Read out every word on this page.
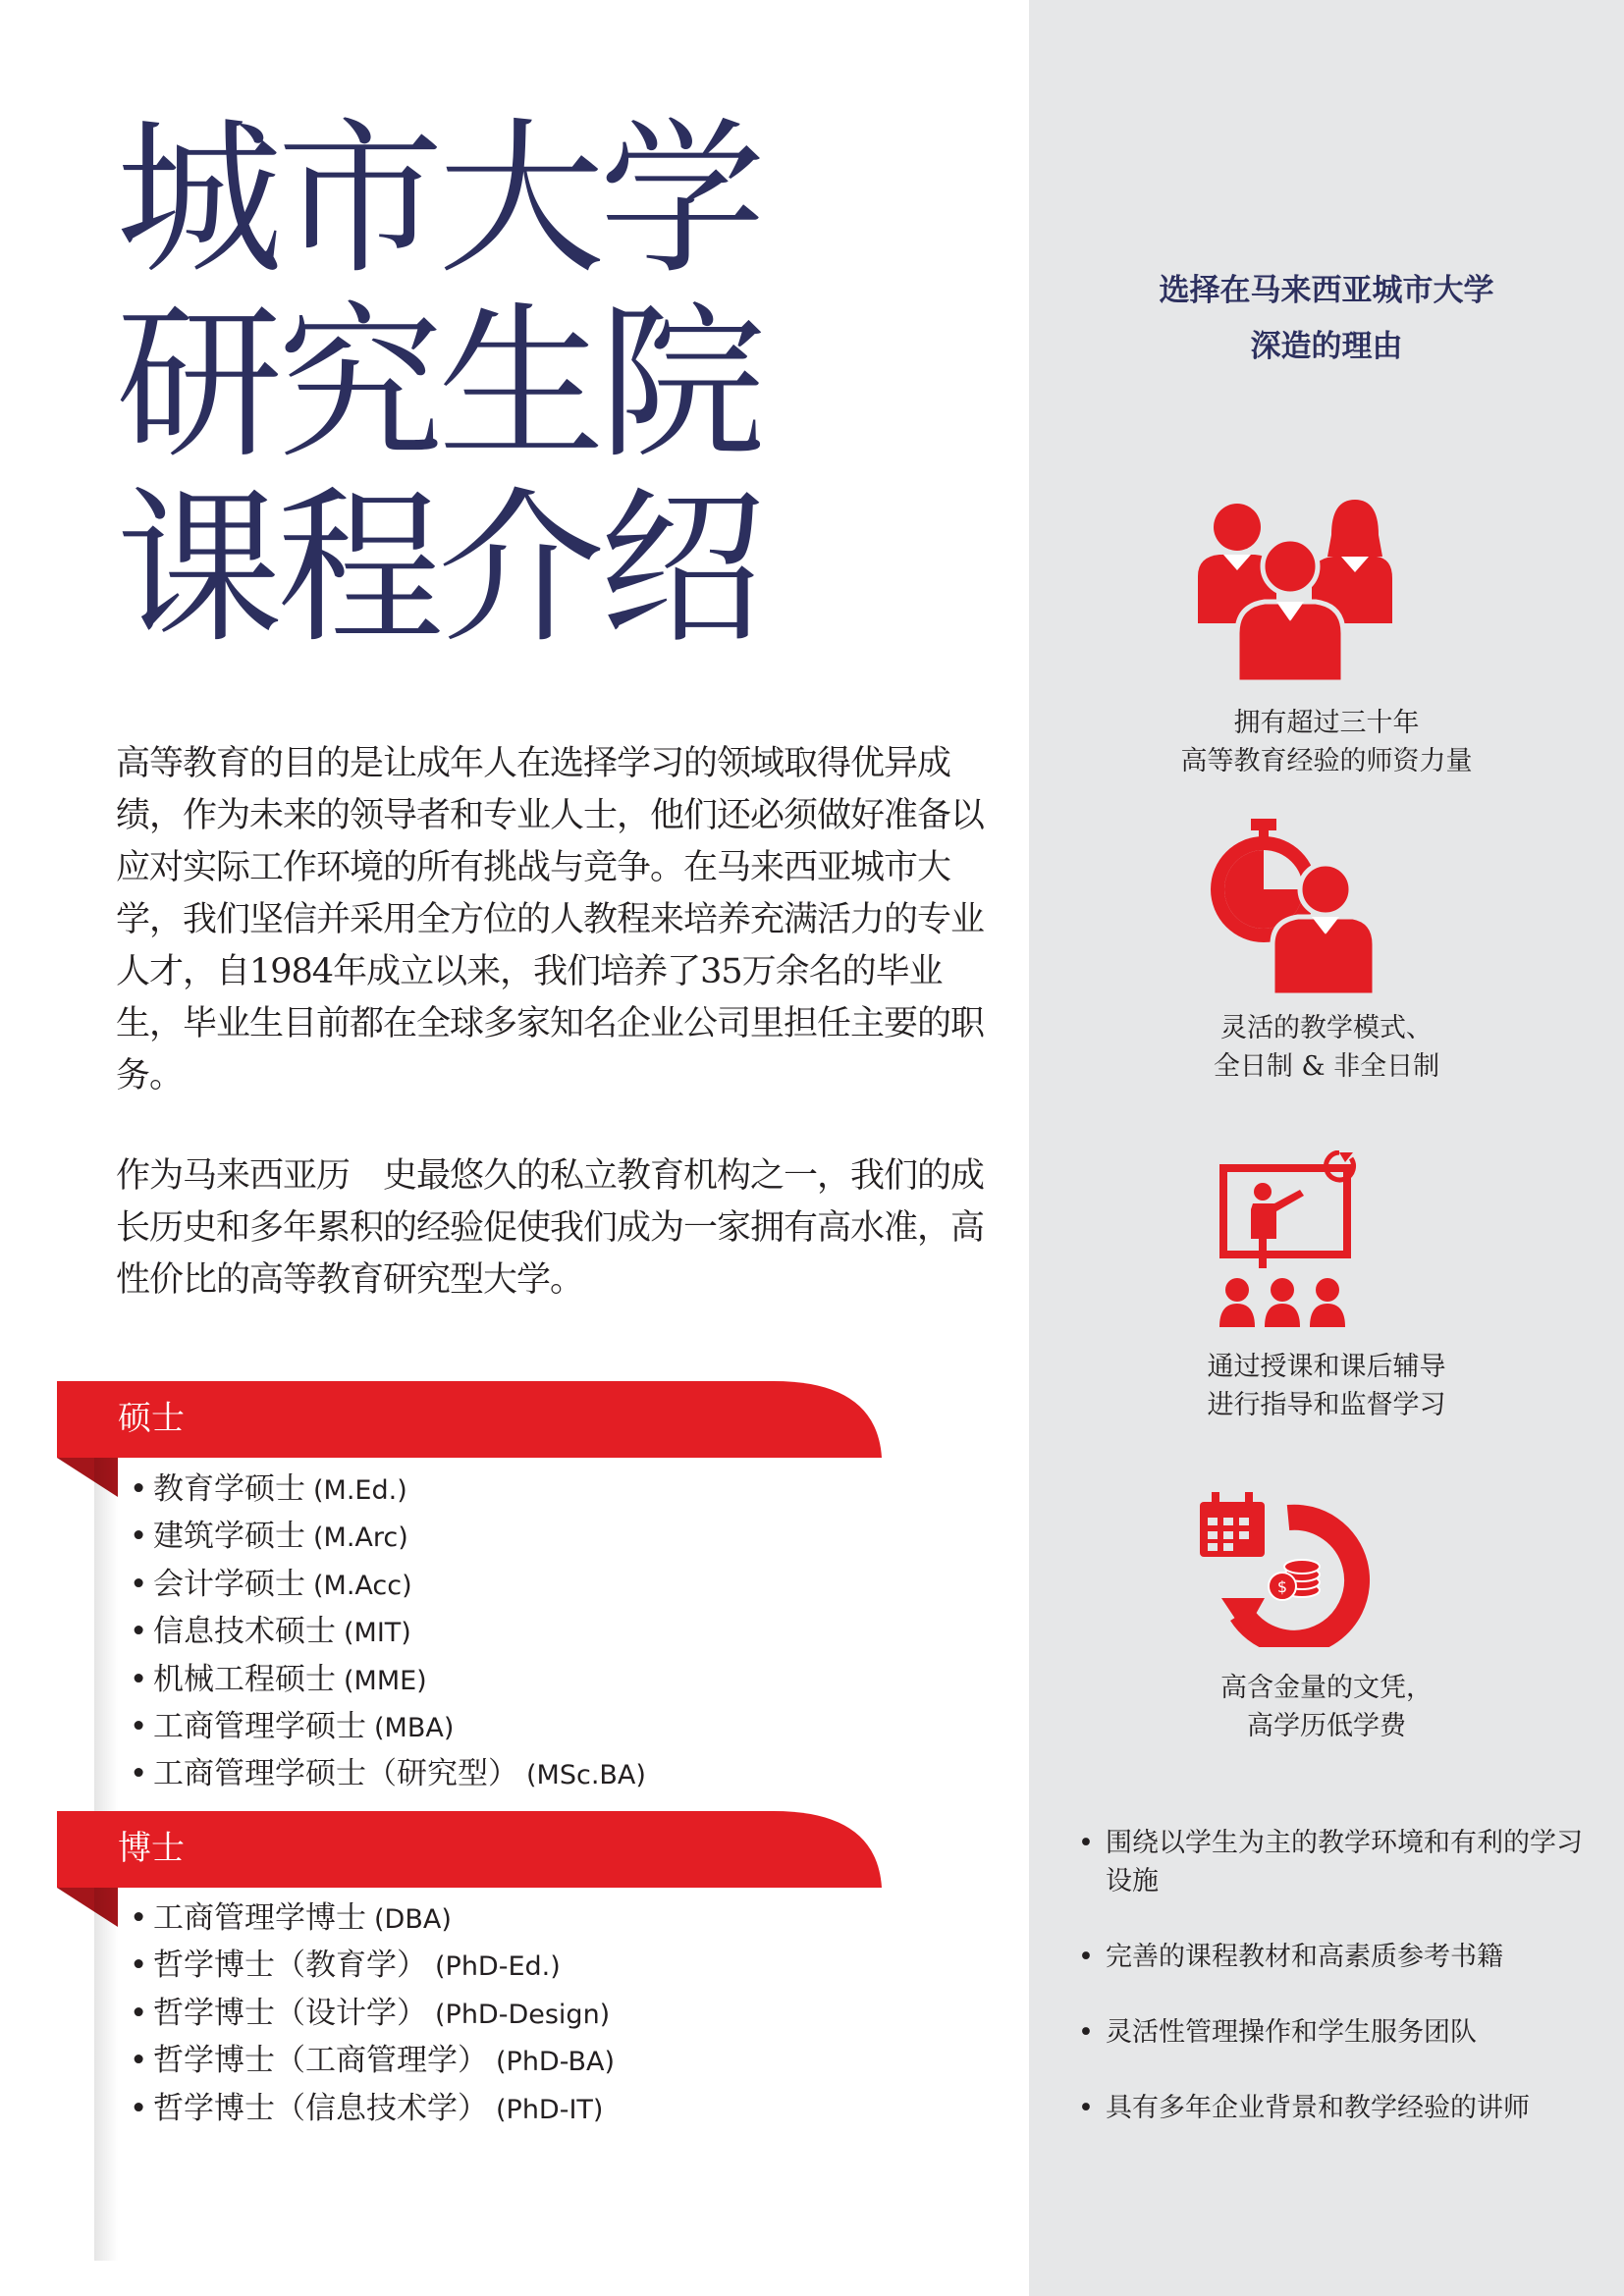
城市大学
研究生院
课程介绍

高等教育的目的是让成年人在选择学习的领域取得优异成绩，作为未来的领导者和专业人士，他们还必须做好准备以应对实际工作环境的所有挑战与竞争。在马来西亚城市大学，我们坚信并采用全方位的人教程来培养充满活力的专业人才，自1984年成立以来，我们培养了35万余名的毕业生，毕业生目前都在全球多家知名企业公司里担任主要的职务。

作为马来西亚历　史最悠久的私立教育机构之一，我们的成长历史和多年累积的经验促使我们成为一家拥有高水准，高性价比的高等教育研究型大学。

硕士
• 教育学硕士 (M.Ed.)
• 建筑学硕士 (M.Arc)
• 会计学硕士 (M.Acc)
• 信息技术硕士 (MIT)
• 机械工程硕士 (MME)
• 工商管理学硕士 (MBA)
• 工商管理学硕士（研究型） (MSc.BA)
博士
• 工商管理学博士 (DBA)
• 哲学博士（教育学） (PhD-Ed.)
• 哲学博士（设计学） (PhD-Design)
• 哲学博士（工商管理学） (PhD-BA)
• 哲学博士（信息技术学） (PhD-IT)
选择在马来西亚城市大学
深造的理由
拥有超过三十年
高等教育经验的师资力量
灵活的教学模式、
全日制 & 非全日制
通过授课和课后辅导
进行指导和监督学习
$
高含金量的文凭，
高学历低学费
• 围绕以学生为主的教学环境和有利的学习设施
• 完善的课程教材和高素质参考书籍
• 灵活性管理操作和学生服务团队
• 具有多年企业背景和教学经验的讲师
